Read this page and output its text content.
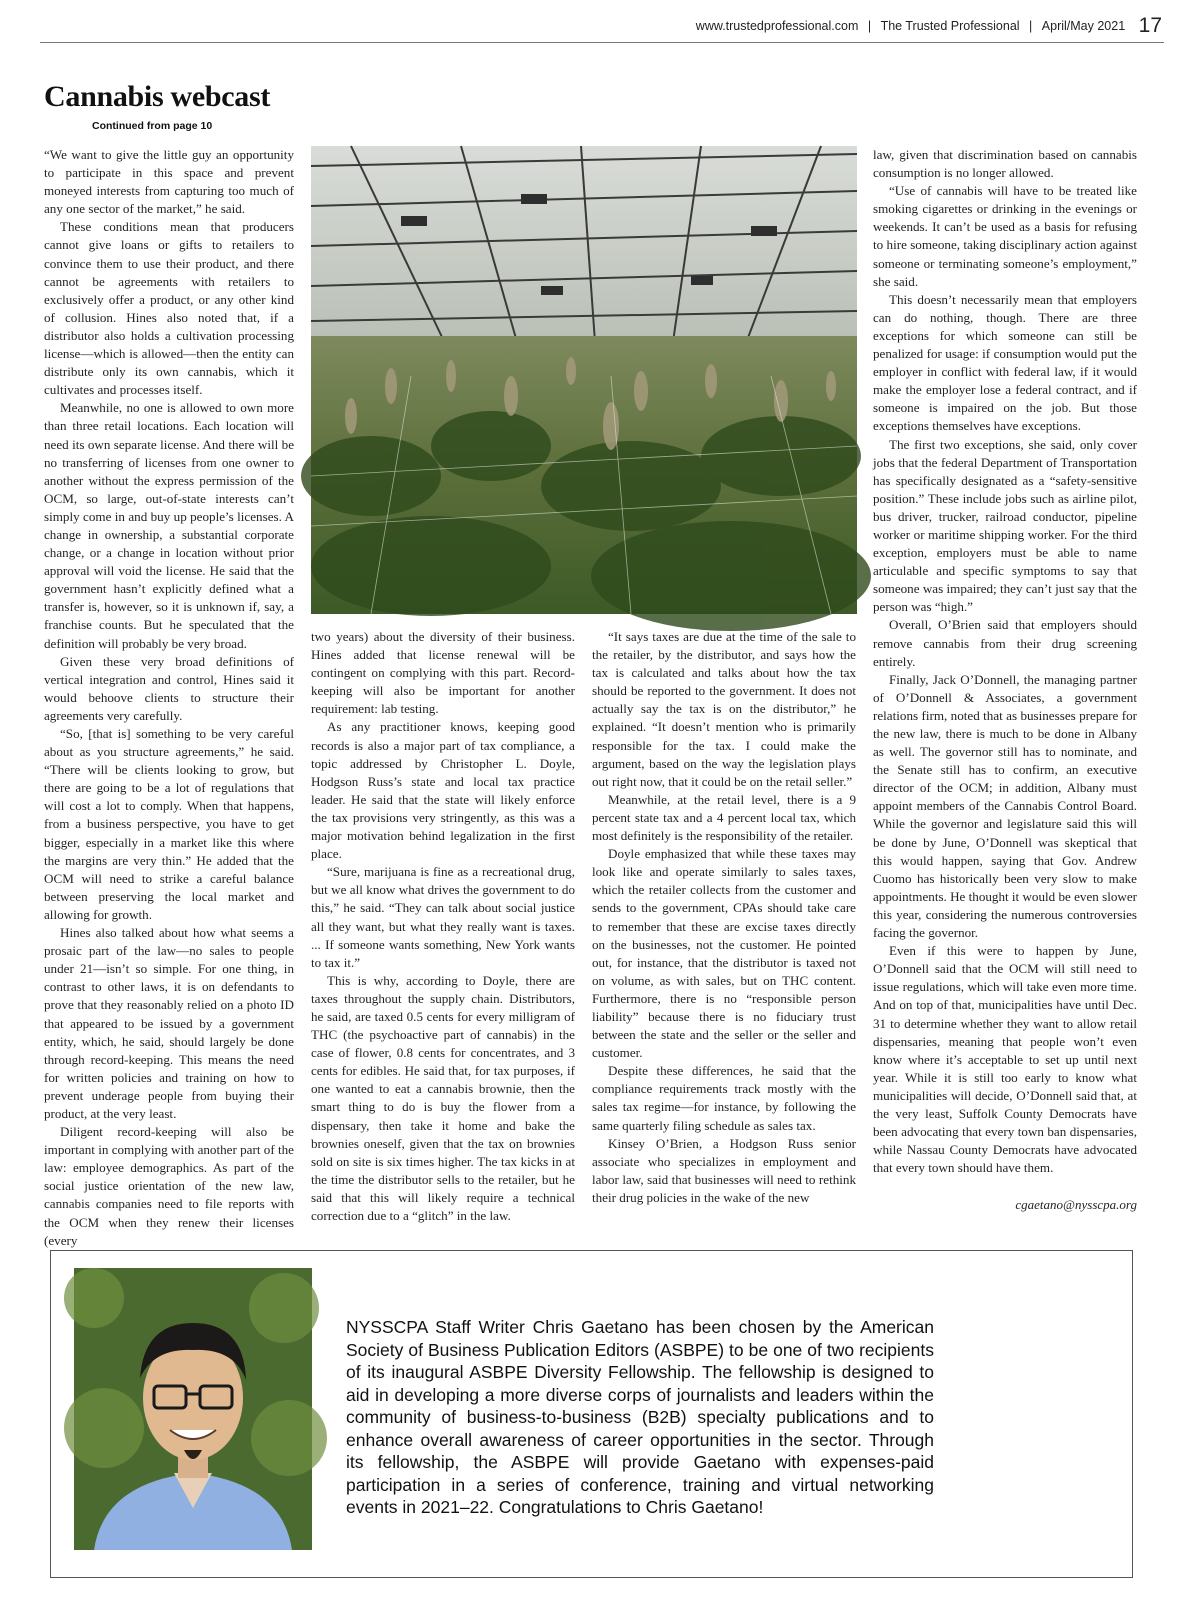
www.trustedprofessional.com | The Trusted Professional | April/May 2021 17
Cannabis webcast
Continued from page 10

“We want to give the little guy an opportunity to participate in this space and prevent moneyed interests from capturing too much of any one sector of the market,” he said.

These conditions mean that producers cannot give loans or gifts to retailers to convince them to use their product, and there cannot be agreements with retailers to exclusively offer a product, or any other kind of collusion. Hines also noted that, if a distributor also holds a cultivation processing license—which is allowed—then the entity can distribute only its own cannabis, which it cultivates and processes itself.

Meanwhile, no one is allowed to own more than three retail locations. Each location will need its own separate license. And there will be no transferring of licenses from one owner to another without the express permission of the OCM, so large, out-of-state interests can’t simply come in and buy up people’s licenses. A change in ownership, a substantial corporate change, or a change in location without prior approval will void the license. He said that the government hasn’t explicitly defined what a transfer is, however, so it is unknown if, say, a franchise counts. But he speculated that the definition will probably be very broad.

Given these very broad definitions of vertical integration and control, Hines said it would behoove clients to structure their agreements very carefully.

“So, [that is] something to be very careful about as you structure agreements,” he said. “There will be clients looking to grow, but there are going to be a lot of regulations that will cost a lot to comply. When that happens, from a business perspective, you have to get bigger, especially in a market like this where the margins are very thin.” He added that the OCM will need to strike a careful balance between preserving the local market and allowing for growth.

Hines also talked about how what seems a prosaic part of the law—no sales to people under 21—isn’t so simple. For one thing, in contrast to other laws, it is on defendants to prove that they reasonably relied on a photo ID that appeared to be issued by a government entity, which, he said, should largely be done through record-keeping. This means the need for written policies and training on how to prevent underage people from buying their product, at the very least.

Diligent record-keeping will also be important in complying with another part of the law: employee demographics. As part of the social justice orientation of the new law, cannabis companies need to file reports with the OCM when they renew their licenses (every

two years) about the diversity of their business. Hines added that license renewal will be contingent on complying with this part. Record-keeping will also be important for another requirement: lab testing.

As any practitioner knows, keeping good records is also a major part of tax compliance, a topic addressed by Christopher L. Doyle, Hodgson Russ’s state and local tax practice leader. He said that the state will likely enforce the tax provisions very stringently, as this was a major motivation behind legalization in the first place.

“Sure, marijuana is fine as a recreational drug, but we all know what drives the government to do this,” he said. “They can talk about social justice all they want, but what they really want is taxes. ... If someone wants something, New York wants to tax it.”

This is why, according to Doyle, there are taxes throughout the supply chain. Distributors, he said, are taxed 0.5 cents for every milligram of THC (the psychoactive part of cannabis) in the case of flower, 0.8 cents for concentrates, and 3 cents for edibles. He said that, for tax purposes, if one wanted to eat a cannabis brownie, then the smart thing to do is buy the flower from a dispensary, then take it home and bake the brownies oneself, given that the tax on brownies sold on site is six times higher. The tax kicks in at the time the distributor sells to the retailer, but he said that this will likely require a technical correction due to a “glitch” in the law.

“It says taxes are due at the time of the sale to the retailer, by the distributor, and says how the tax is calculated and talks about how the tax should be reported to the government. It does not actually say the tax is on the distributor,” he explained. “It doesn’t mention who is primarily responsible for the tax. I could make the argument, based on the way the legislation plays out right now, that it could be on the retail seller.”

Meanwhile, at the retail level, there is a 9 percent state tax and a 4 percent local tax, which most definitely is the responsibility of the retailer.

Doyle emphasized that while these taxes may look like and operate similarly to sales taxes, which the retailer collects from the customer and sends to the government, CPAs should take care to remember that these are excise taxes directly on the businesses, not the customer. He pointed out, for instance, that the distributor is taxed not on volume, as with sales, but on THC content. Furthermore, there is no “responsible person liability” because there is no fiduciary trust between the state and the seller or the seller and customer.

Despite these differences, he said that the compliance requirements track mostly with the sales tax regime—for instance, by following the same quarterly filing schedule as sales tax.

Kinsey O’Brien, a Hodgson Russ senior associate who specializes in employment and labor law, said that businesses will need to rethink their drug policies in the wake of the new

law, given that discrimination based on cannabis consumption is no longer allowed.

“Use of cannabis will have to be treated like smoking cigarettes or drinking in the evenings or weekends. It can’t be used as a basis for refusing to hire someone, taking disciplinary action against someone or terminating someone’s employment,” she said.

This doesn’t necessarily mean that employers can do nothing, though. There are three exceptions for which someone can still be penalized for usage: if consumption would put the employer in conflict with federal law, if it would make the employer lose a federal contract, and if someone is impaired on the job. But those exceptions themselves have exceptions.

The first two exceptions, she said, only cover jobs that the federal Department of Transportation has specifically designated as a “safety-sensitive position.” These include jobs such as airline pilot, bus driver, trucker, railroad conductor, pipeline worker or maritime shipping worker. For the third exception, employers must be able to name articulable and specific symptoms to say that someone was impaired; they can’t just say that the person was “high.”

Overall, O’Brien said that employers should remove cannabis from their drug screening entirely.

Finally, Jack O’Donnell, the managing partner of O’Donnell & Associates, a government relations firm, noted that as businesses prepare for the new law, there is much to be done in Albany as well. The governor still has to nominate, and the Senate still has to confirm, an executive director of the OCM; in addition, Albany must appoint members of the Cannabis Control Board. While the governor and legislature said this will be done by June, O’Donnell was skeptical that this would happen, saying that Gov. Andrew Cuomo has historically been very slow to make appointments. He thought it would be even slower this year, considering the numerous controversies facing the governor.

Even if this were to happen by June, O’Donnell said that the OCM will still need to issue regulations, which will take even more time. And on top of that, municipalities have until Dec. 31 to determine whether they want to allow retail dispensaries, meaning that people won’t even know where it’s acceptable to set up until next year. While it is still too early to know what municipalities will decide, O’Donnell said that, at the very least, Suffolk County Democrats have been advocating that every town ban dispensaries, while Nassau County Democrats have advocated that every town should have them.

cgaetano@nysscpa.org
NYSSCPA Staff Writer Chris Gaetano has been chosen by the American Society of Business Publication Editors (ASBPE) to be one of two recipients of its inaugural ASBPE Diversity Fellowship. The fellowship is designed to aid in developing a more diverse corps of journalists and leaders within the community of business-to-business (B2B) specialty publications and to enhance overall awareness of career opportunities in the sector. Through its fellowship, the ASBPE will provide Gaetano with expenses-paid participation in a series of conference, training and virtual networking events in 2021–22. Congratulations to Chris Gaetano!
